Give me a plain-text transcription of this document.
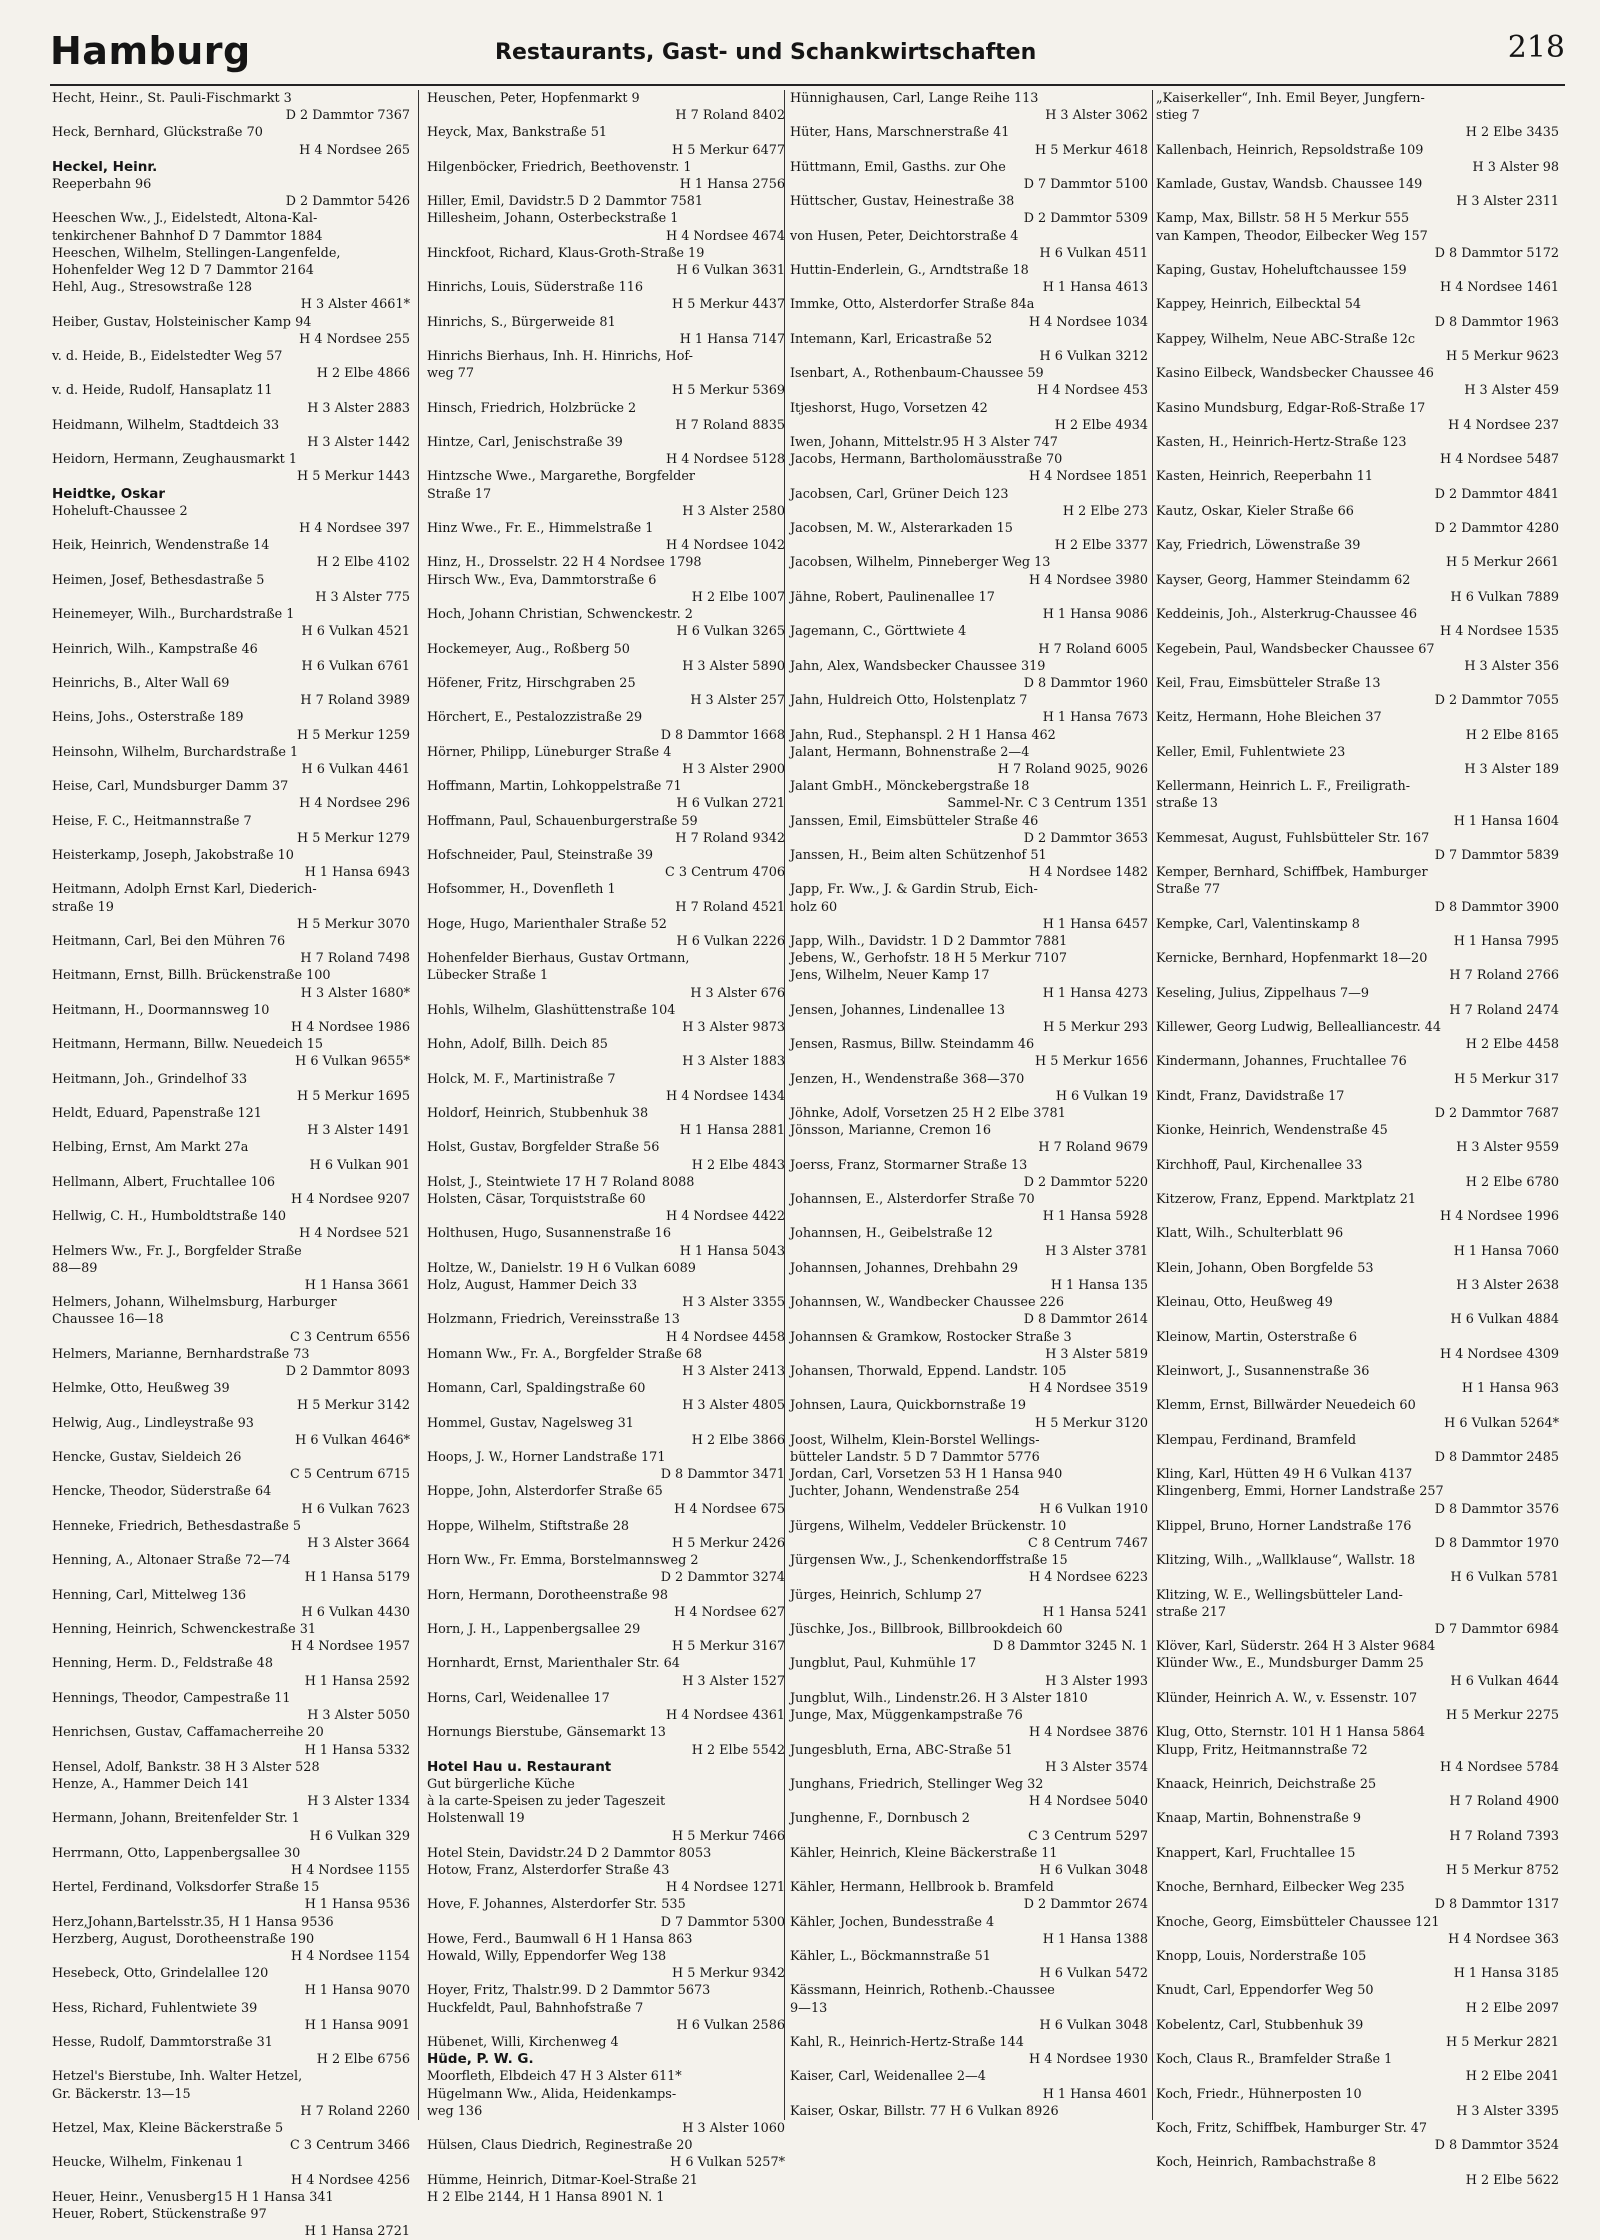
Hamburg	Restaurants, Gast- und Schankwirtschaften	218
Hecht, Heinr., St. Pauli-Fischmarkt 3
D 2 Dammtor 7367
Heck, Bernhard, Glückstraße 70
H 4 Nordsee 265
Heckel, Heinr.
Reeperbahn 96
D 2 Dammtor 5426
Heeschen Ww., J., Eidelstedt, Altona-Kal-
tenkirchener Bahnhof D 7 Dammtor 1884
Heeschen, Wilhelm, Stellingen-Langenfelde,
Hohenfelder Weg 12 D 7 Dammtor 2164
Hehl, Aug., Stresowstraße 128
H 3 Alster 4661*
Heiber, Gustav, Holsteinischer Kamp 94
H 4 Nordsee 255
v. d. Heide, B., Eidelstedter Weg 57
H 2 Elbe 4866
v. d. Heide, Rudolf, Hansaplatz 11
H 3 Alster 2883
Heidmann, Wilhelm, Stadtdeich 33
H 3 Alster 1442
Heidorn, Hermann, Zeughausmarkt 1
H 5 Merkur 1443
Heidtke, Oskar
Hoheluft-Chaussee 2
H 4 Nordsee 397
Heik, Heinrich, Wendenstraße 14
H 2 Elbe 4102
Heimen, Josef, Bethesdastraße 5
H 3 Alster 775
Heinemeyer, Wilh., Burchardstraße 1
H 6 Vulkan 4521
Heinrich, Wilh., Kampstraße 46
H 6 Vulkan 6761
Heinrichs, B., Alter Wall 69
H 7 Roland 3989
Heins, Johs., Osterstraße 189
H 5 Merkur 1259
Heinsohn, Wilhelm, Burchardstraße 1
H 6 Vulkan 4461
Heise, Carl, Mundsburger Damm 37
H 4 Nordsee 296
Heise, F. C., Heitmannstraße 7
H 5 Merkur 1279
Heisterkamp, Joseph, Jakobstraße 10
H 1 Hansa 6943
Heitmann, Adolph Ernst Karl, Diederich-
straße 19
H 5 Merkur 3070
Heitmann, Carl, Bei den Mühren 76
H 7 Roland 7498
Heitmann, Ernst, Billh. Brückenstraße 100
H 3 Alster 1680*
Heitmann, H., Doormannsweg 10
H 4 Nordsee 1986
Heitmann, Hermann, Billw. Neuedeich 15
H 6 Vulkan 9655*
Heitmann, Joh., Grindelhof 33
H 5 Merkur 1695
Heldt, Eduard, Papenstraße 121
H 3 Alster 1491
Helbing, Ernst, Am Markt 27a
H 6 Vulkan 901
Hellmann, Albert, Fruchtallee 106
H 4 Nordsee 9207
Hellwig, C. H., Humboldtstraße 140
H 4 Nordsee 521
Helmers Ww., Fr. J., Borgfelder Straße
88—89
H 1 Hansa 3661
Helmers, Johann, Wilhelmsburg, Harburger
Chaussee 16—18
C 3 Centrum 6556
Helmers, Marianne, Bernhardstraße 73
D 2 Dammtor 8093
Helmke, Otto, Heußweg 39
H 5 Merkur 3142
Helwig, Aug., Lindleystraße 93
H 6 Vulkan 4646*
Hencke, Gustav, Sieldeich 26
C 5 Centrum 6715
Hencke, Theodor, Süderstraße 64
H 6 Vulkan 7623
Henneke, Friedrich, Bethesdastraße 5
H 3 Alster 3664
Henning, A., Altonaer Straße 72—74
H 1 Hansa 5179
Henning, Carl, Mittelweg 136
H 6 Vulkan 4430
Henning, Heinrich, Schwenckestraße 31
H 4 Nordsee 1957
Henning, Herm. D., Feldstraße 48
H 1 Hansa 2592
Hennings, Theodor, Campestraße 11
H 3 Alster 5050
Henrichsen, Gustav, Caffamacherreihe 20
H 1 Hansa 5332
Hensel, Adolf, Bankstr. 38 H 3 Alster 528
Henze, A., Hammer Deich 141
H 3 Alster 1334
Hermann, Johann, Breitenfelder Str. 1
H 6 Vulkan 329
Herrmann, Otto, Lappenbergsallee 30
H 4 Nordsee 1155
Hertel, Ferdinand, Volksdorfer Straße 15
H 1 Hansa 9536
Herz,Johann,Bartelsstr.35, H 1 Hansa 9536
Herzberg, August, Dorotheenstraße 190
H 4 Nordsee 1154
Hesebeck, Otto, Grindelallee 120
H 1 Hansa 9070
Hess, Richard, Fuhlentwiete 39
H 1 Hansa 9091
Hesse, Rudolf, Dammtorstraße 31
H 2 Elbe 6756
Hetzel's Bierstube, Inh. Walter Hetzel,
Gr. Bäckerstr. 13—15
H 7 Roland 2260
Hetzel, Max, Kleine Bäckerstraße 5
C 3 Centrum 3466
Heucke, Wilhelm, Finkenau 1
H 4 Nordsee 4256
Heuer, Heinr., Venusberg15 H 1 Hansa 341
Heuer, Robert, Stückenstraße 97
H 1 Hansa 2721
Heuschen, Peter, Hopfenmarkt 9
H 7 Roland 8402
Heyck, Max, Bankstraße 51
H 5 Merkur 6477
Hilgenböcker, Friedrich, Beethovenstr. 1
H 1 Hansa 2756
Hiller, Emil, Davidstr.5 D 2 Dammtor 7581
Hillesheim, Johann, Osterbeckstraße 1
H 4 Nordsee 4674
Hinckfoot, Richard, Klaus-Groth-Straße 19
H 6 Vulkan 3631
Hinrichs, Louis, Süderstraße 116
H 5 Merkur 4437
Hinrichs, S., Bürgerweide 81
H 1 Hansa 7147
Hinrichs Bierhaus, Inh. H. Hinrichs, Hof-
weg 77
H 5 Merkur 5369
Hinsch, Friedrich, Holzbrücke 2
H 7 Roland 8835
Hintze, Carl, Jenischstraße 39
H 4 Nordsee 5128
Hintzsche Wwe., Margarethe, Borgfelder
Straße 17
H 3 Alster 2580
Hinz Wwe., Fr. E., Himmelstraße 1
H 4 Nordsee 1042
Hinz, H., Drosselstr. 22 H 4 Nordsee 1798
Hirsch Ww., Eva, Dammtorstraße 6
H 2 Elbe 1007
Hoch, Johann Christian, Schwenckestr. 2
H 6 Vulkan 3265
Hockemeyer, Aug., Roßberg 50
H 3 Alster 5890
Höfener, Fritz, Hirschgraben 25
H 3 Alster 257
Hörchert, E., Pestalozzistraße 29
D 8 Dammtor 1668
Hörner, Philipp, Lüneburger Straße 4
H 3 Alster 2900
Hoffmann, Martin, Lohkoppelstraße 71
H 6 Vulkan 2721
Hoffmann, Paul, Schauenburgerstraße 59
H 7 Roland 9342
Hofschneider, Paul, Steinstraße 39
C 3 Centrum 4706
Hofsommer, H., Dovenfleth 1
H 7 Roland 4521
Hoge, Hugo, Marienthaler Straße 52
H 6 Vulkan 2226
Hohenfelder Bierhaus, Gustav Ortmann,
Lübecker Straße 1
H 3 Alster 676
Hohls, Wilhelm, Glashüttenstraße 104
H 3 Alster 9873
Hohn, Adolf, Billh. Deich 85
H 3 Alster 1883
Holck, M. F., Martinistraße 7
H 4 Nordsee 1434
Holdorf, Heinrich, Stubbenhuk 38
H 1 Hansa 2881
Holst, Gustav, Borgfelder Straße 56
H 2 Elbe 4843
Holst, J., Steintwiete 17 H 7 Roland 8088
Holsten, Cäsar, Torquiststraße 60
H 4 Nordsee 4422
Holthusen, Hugo, Susannenstraße 16
H 1 Hansa 5043
Holtze, W., Danielstr. 19 H 6 Vulkan 6089
Holz, August, Hammer Deich 33
H 3 Alster 3355
Holzmann, Friedrich, Vereinsstraße 13
H 4 Nordsee 4458
Homann Ww., Fr. A., Borgfelder Straße 68
H 3 Alster 2413
Homann, Carl, Spaldingstraße 60
H 3 Alster 4805
Hommel, Gustav, Nagelsweg 31
H 2 Elbe 3866
Hoops, J. W., Horner Landstraße 171
D 8 Dammtor 3471
Hoppe, John, Alsterdorfer Straße 65
H 4 Nordsee 675
Hoppe, Wilhelm, Stiftstraße 28
H 5 Merkur 2426
Horn Ww., Fr. Emma, Borstelmannsweg 2
D 2 Dammtor 3274
Horn, Hermann, Dorotheenstraße 98
H 4 Nordsee 627
Horn, J. H., Lappenbergsallee 29
H 5 Merkur 3167
Hornhardt, Ernst, Marienthaler Str. 64
H 3 Alster 1527
Horns, Carl, Weidenallee 17
H 4 Nordsee 4361
Hornungs Bierstube, Gänsemarkt 13
H 2 Elbe 5542
Hotel Hau u. Restaurant
Gut bürgerliche Küche
à la carte-Speisen zu jeder Tageszeit
Holstenwall 19
H 5 Merkur 7466
Hotel Stein, Davidstr.24 D 2 Dammtor 8053
Hotow, Franz, Alsterdorfer Straße 43
H 4 Nordsee 1271
Hove, F. Johannes, Alsterdorfer Str. 535
D 7 Dammtor 5300
Howe, Ferd., Baumwall 6 H 1 Hansa 863
Howald, Willy, Eppendorfer Weg 138
H 5 Merkur 9342
Hoyer, Fritz, Thalstr.99. D 2 Dammtor 5673
Huckfeldt, Paul, Bahnhofstraße 7
H 6 Vulkan 2586
Hübenet, Willi, Kirchenweg 4
Hüde, P. W. G.
Moorfleth, Elbdeich 47 H 3 Alster 611*
Hügelmann Ww., Alida, Heidenkamps-
weg 136
H 3 Alster 1060
Hülsen, Claus Diedrich, Reginestraße 20
H 6 Vulkan 5257*
Hümme, Heinrich, Ditmar-Koel-Straße 21
H 2 Elbe 2144, H 1 Hansa 8901 N. 1
Hünnighausen, Carl, Lange Reihe 113
H 3 Alster 3062
Hüter, Hans, Marschnerstraße 41
H 5 Merkur 4618
Hüttmann, Emil, Gasths. zur Ohe
D 7 Dammtor 5100
Hüttscher, Gustav, Heinestraße 38
D 2 Dammtor 5309
von Husen, Peter, Deichtorstraße 4
H 6 Vulkan 4511
Huttin-Enderlein, G., Arndtstraße 18
H 1 Hansa 4613
Immke, Otto, Alsterdorfer Straße 84a
H 4 Nordsee 1034
Intemann, Karl, Ericastraße 52
H 6 Vulkan 3212
Isenbart, A., Rothenbaum-Chaussee 59
H 4 Nordsee 453
Itjeshorst, Hugo, Vorsetzen 42
H 2 Elbe 4934
Iwen, Johann, Mittelstr.95 H 3 Alster 747
Jacobs, Hermann, Bartholomäusstraße 70
H 4 Nordsee 1851
Jacobsen, Carl, Grüner Deich 123
H 2 Elbe 273
Jacobsen, M. W., Alsterarkaden 15
H 2 Elbe 3377
Jacobsen, Wilhelm, Pinneberger Weg 13
H 4 Nordsee 3980
Jähne, Robert, Paulinenallee 17
H 1 Hansa 9086
Jagemann, C., Görttwiete 4
H 7 Roland 6005
Jahn, Alex, Wandsbecker Chaussee 319
D 8 Dammtor 1960
Jahn, Huldreich Otto, Holstenplatz 7
H 1 Hansa 7673
Jahn, Rud., Stephanspl. 2 H 1 Hansa 462
Jalant, Hermann, Bohnenstraße 2—4
H 7 Roland 9025, 9026
Jalant GmbH., Mönckebergstraße 18
Sammel-Nr. C 3 Centrum 1351
Janssen, Emil, Eimsbütteler Straße 46
D 2 Dammtor 3653
Janssen, H., Beim alten Schützenhof 51
H 4 Nordsee 1482
Japp, Fr. Ww., J. & Gardin Strub, Eich-
holz 60
H 1 Hansa 6457
Japp, Wilh., Davidstr. 1 D 2 Dammtor 7881
Jebens, W., Gerhofstr. 18 H 5 Merkur 7107
Jens, Wilhelm, Neuer Kamp 17
H 1 Hansa 4273
Jensen, Johannes, Lindenallee 13
H 5 Merkur 293
Jensen, Rasmus, Billw. Steindamm 46
H 5 Merkur 1656
Jenzen, H., Wendenstraße 368—370
H 6 Vulkan 19
Jöhnke, Adolf, Vorsetzen 25 H 2 Elbe 3781
Jönsson, Marianne, Cremon 16
H 7 Roland 9679
Joerss, Franz, Stormarner Straße 13
D 2 Dammtor 5220
Johannsen, E., Alsterdorfer Straße 70
H 1 Hansa 5928
Johannsen, H., Geibelstraße 12
H 3 Alster 3781
Johannsen, Johannes, Drehbahn 29
H 1 Hansa 135
Johannsen, W., Wandbecker Chaussee 226
D 8 Dammtor 2614
Johannsen & Gramkow, Rostocker Straße 3
H 3 Alster 5819
Johansen, Thorwald, Eppend. Landstr. 105
H 4 Nordsee 3519
Johnsen, Laura, Quickbornstraße 19
H 5 Merkur 3120
Joost, Wilhelm, Klein-Borstel Wellings-
bütteler Landstr. 5 D 7 Dammtor 5776
Jordan, Carl, Vorsetzen 53 H 1 Hansa 940
Juchter, Johann, Wendenstraße 254
H 6 Vulkan 1910
Jürgens, Wilhelm, Veddeler Brückenstr. 10
C 8 Centrum 7467
Jürgensen Ww., J., Schenkendorffstraße 15
H 4 Nordsee 6223
Jürges, Heinrich, Schlump 27
H 1 Hansa 5241
Jüschke, Jos., Billbrook, Billbrookdeich 60
D 8 Dammtor 3245 N. 1
Jungblut, Paul, Kuhmühle 17
H 3 Alster 1993
Jungblut, Wilh., Lindenstr.26. H 3 Alster 1810
Junge, Max, Müggenkampstraße 76
H 4 Nordsee 3876
Jungesbluth, Erna, ABC-Straße 51
H 3 Alster 3574
Junghans, Friedrich, Stellinger Weg 32
H 4 Nordsee 5040
Junghenne, F., Dornbusch 2
C 3 Centrum 5297
Kähler, Heinrich, Kleine Bäckerstraße 11
H 6 Vulkan 3048
Kähler, Hermann, Hellbrook b. Bramfeld
D 2 Dammtor 2674
Kähler, Jochen, Bundesstraße 4
H 1 Hansa 1388
Kähler, L., Böckmannstraße 51
H 6 Vulkan 5472
Kässmann, Heinrich, Rothenb.-Chaussee
9—13
H 6 Vulkan 3048
Kahl, R., Heinrich-Hertz-Straße 144
H 4 Nordsee 1930
Kaiser, Carl, Weidenallee 2—4
H 1 Hansa 4601
Kaiser, Oskar, Billstr. 77 H 6 Vulkan 8926
„Kaiserkeller“, Inh. Emil Beyer, Jungfern-
stieg 7
H 2 Elbe 3435
Kallenbach, Heinrich, Repsoldstraße 109
H 3 Alster 98
Kamlade, Gustav, Wandsb. Chaussee 149
H 3 Alster 2311
Kamp, Max, Billstr. 58 H 5 Merkur 555
van Kampen, Theodor, Eilbecker Weg 157
D 8 Dammtor 5172
Kaping, Gustav, Hoheluftchaussee 159
H 4 Nordsee 1461
Kappey, Heinrich, Eilbecktal 54
D 8 Dammtor 1963
Kappey, Wilhelm, Neue ABC-Straße 12c
H 5 Merkur 9623
Kasino Eilbeck, Wandsbecker Chaussee 46
H 3 Alster 459
Kasino Mundsburg, Edgar-Roß-Straße 17
H 4 Nordsee 237
Kasten, H., Heinrich-Hertz-Straße 123
H 4 Nordsee 5487
Kasten, Heinrich, Reeperbahn 11
D 2 Dammtor 4841
Kautz, Oskar, Kieler Straße 66
D 2 Dammtor 4280
Kay, Friedrich, Löwenstraße 39
H 5 Merkur 2661
Kayser, Georg, Hammer Steindamm 62
H 6 Vulkan 7889
Keddeinis, Joh., Alsterkrug-Chaussee 46
H 4 Nordsee 1535
Kegebein, Paul, Wandsbecker Chaussee 67
H 3 Alster 356
Keil, Frau, Eimsbütteler Straße 13
D 2 Dammtor 7055
Keitz, Hermann, Hohe Bleichen 37
H 2 Elbe 8165
Keller, Emil, Fuhlentwiete 23
H 3 Alster 189
Kellermann, Heinrich L. F., Freiligrath-
straße 13
H 1 Hansa 1604
Kemmesat, August, Fuhlsbütteler Str. 167
D 7 Dammtor 5839
Kemper, Bernhard, Schiffbek, Hamburger
Straße 77
D 8 Dammtor 3900
Kempke, Carl, Valentinskamp 8
H 1 Hansa 7995
Kernicke, Bernhard, Hopfenmarkt 18—20
H 7 Roland 2766
Keseling, Julius, Zippelhaus 7—9
H 7 Roland 2474
Killewer, Georg Ludwig, Belleallianсestr. 44
H 2 Elbe 4458
Kindermann, Johannes, Fruchtallee 76
H 5 Merkur 317
Kindt, Franz, Davidstraße 17
D 2 Dammtor 7687
Kionke, Heinrich, Wendenstraße 45
H 3 Alster 9559
Kirchhoff, Paul, Kirchenallee 33
H 2 Elbe 6780
Kitzerow, Franz, Eppend. Marktplatz 21
H 4 Nordsee 1996
Klatt, Wilh., Schulterblatt 96
H 1 Hansa 7060
Klein, Johann, Oben Borgfelde 53
H 3 Alster 2638
Kleinau, Otto, Heußweg 49
H 6 Vulkan 4884
Kleinow, Martin, Osterstraße 6
H 4 Nordsee 4309
Kleinwort, J., Susannenstraße 36
H 1 Hansa 963
Klemm, Ernst, Billwärder Neuedeich 60
H 6 Vulkan 5264*
Klempau, Ferdinand, Bramfeld
D 8 Dammtor 2485
Kling, Karl, Hütten 49 H 6 Vulkan 4137
Klingenberg, Emmi, Horner Landstraße 257
D 8 Dammtor 3576
Klippel, Bruno, Horner Landstraße 176
D 8 Dammtor 1970
Klitzing, Wilh., „Wallklause“, Wallstr. 18
H 6 Vulkan 5781
Klitzing, W. E., Wellingsbütteler Land-
straße 217
D 7 Dammtor 6984
Klöver, Karl, Süderstr. 264 H 3 Alster 9684
Klünder Ww., E., Mundsburger Damm 25
H 6 Vulkan 4644
Klünder, Heinrich A. W., v. Essenstr. 107
H 5 Merkur 2275
Klug, Otto, Sternstr. 101 H 1 Hansa 5864
Klupp, Fritz, Heitmannstraße 72
H 4 Nordsee 5784
Knaack, Heinrich, Deichstraße 25
H 7 Roland 4900
Knaap, Martin, Bohnenstraße 9
H 7 Roland 7393
Knappert, Karl, Fruchtallee 15
H 5 Merkur 8752
Knoche, Bernhard, Eilbecker Weg 235
D 8 Dammtor 1317
Knoche, Georg, Eimsbütteler Chaussee 121
H 4 Nordsee 363
Knopp, Louis, Norderstraße 105
H 1 Hansa 3185
Knudt, Carl, Eppendorfer Weg 50
H 2 Elbe 2097
Kobelentz, Carl, Stubbenhuk 39
H 5 Merkur 2821
Koch, Claus R., Bramfelder Straße 1
H 2 Elbe 2041
Koch, Friedr., Hühnerposten 10
H 3 Alster 3395
Koch, Fritz, Schiffbek, Hamburger Str. 47
D 8 Dammtor 3524
Koch, Heinrich, Rambachstraße 8
H 2 Elbe 5622
